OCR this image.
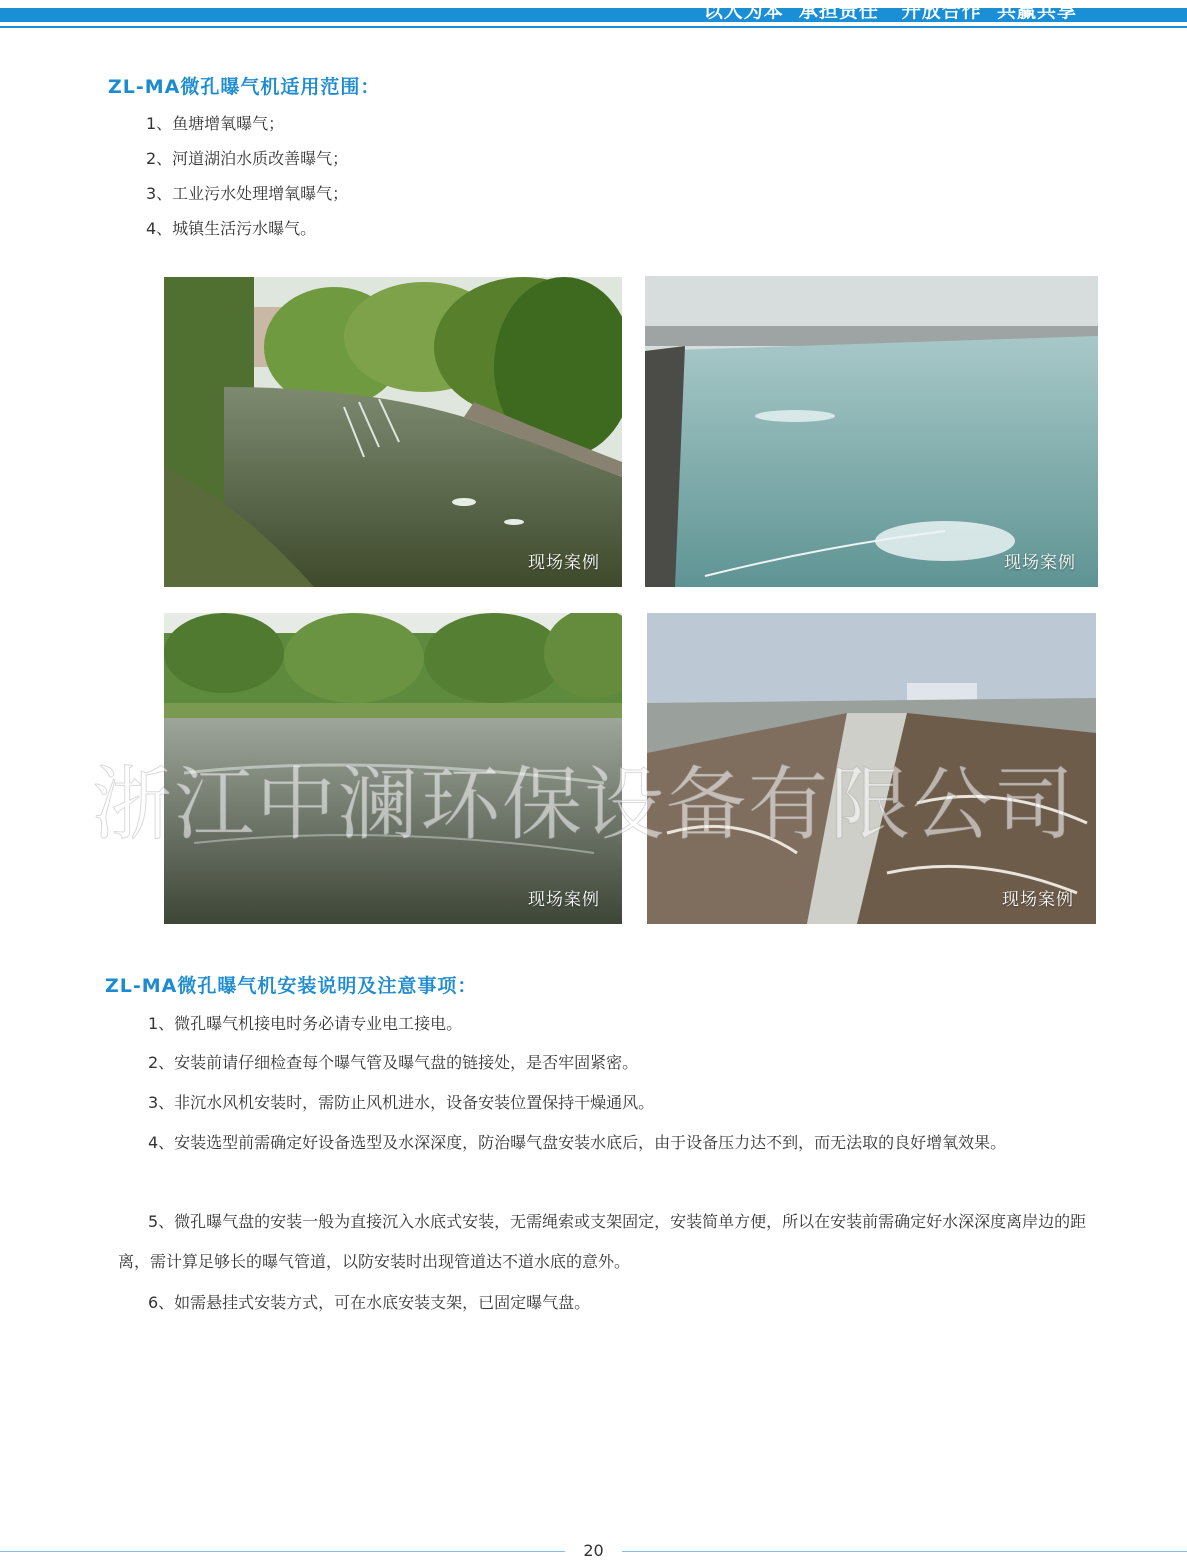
以人为本  承担责任   开放合作  共赢共享
ZL-MA微孔曝气机适用范围：
1、鱼塘增氧曝气；
2、河道湖泊水质改善曝气；
3、工业污水处理增氧曝气；
4、城镇生活污水曝气。
现场案例	现场案例
现场案例	现场案例
浙江中澜环保设备有限公司
ZL-MA微孔曝气机安装说明及注意事项：
1、微孔曝气机接电时务必请专业电工接电。
2、安装前请仔细检查每个曝气管及曝气盘的链接处，是否牢固紧密。
3、非沉水风机安装时，需防止风机进水，设备安装位置保持干燥通风。
4、安装选型前需确定好设备选型及水深深度，防治曝气盘安装水底后，由于设备压力达不到，而无法取的良好增氧效果。
5、微孔曝气盘的安装一般为直接沉入水底式安装，无需绳索或支架固定，安装简单方便，所以在安装前需确定好水深深度离岸边的距离，需计算足够长的曝气管道，以防安装时出现管道达不道水底的意外。
6、如需悬挂式安装方式，可在水底安装支架，已固定曝气盘。
20
